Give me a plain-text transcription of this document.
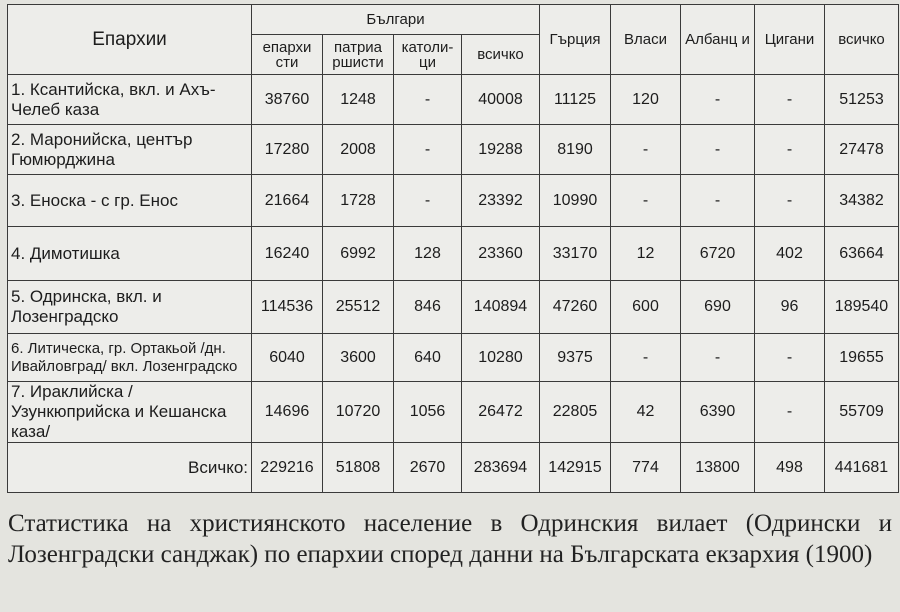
Епархии	Българи				Гърция	Власи	Албанц и	Цигани	всичко
	епархи сти	патриа ршисти	католи- ци	всичко					
1. Ксантийска, вкл. и Ахъ-Челеб каза	38760	1248	-	40008	11125	120	-	-	51253
2. Маронийска, център Гюмюрджина	17280	2008	-	19288	8190	-	-	-	27478
3. Еноска - с гр. Енос	21664	1728	-	23392	10990	-	-	-	34382
4. Димотишка	16240	6992	128	23360	33170	12	6720	402	63664
5. Одринска, вкл. и Лозенградско	114536	25512	846	140894	47260	600	690	96	189540
6. Литическа, гр. Ортакьой /дн. Ивайловград/ вкл. Лозенградско	6040	3600	640	10280	9375	-	-	-	19655
7. Ираклийска /Узункюприйска и Кешанска каза/	14696	10720	1056	26472	22805	42	6390	-	55709
Всичко:	229216	51808	2670	283694	142915	774	13800	498	441681
Статистика на християнското население в Одринския вилает (Одрински и Лозенградски санджак) по епархии според данни на Българската екзархия (1900)
